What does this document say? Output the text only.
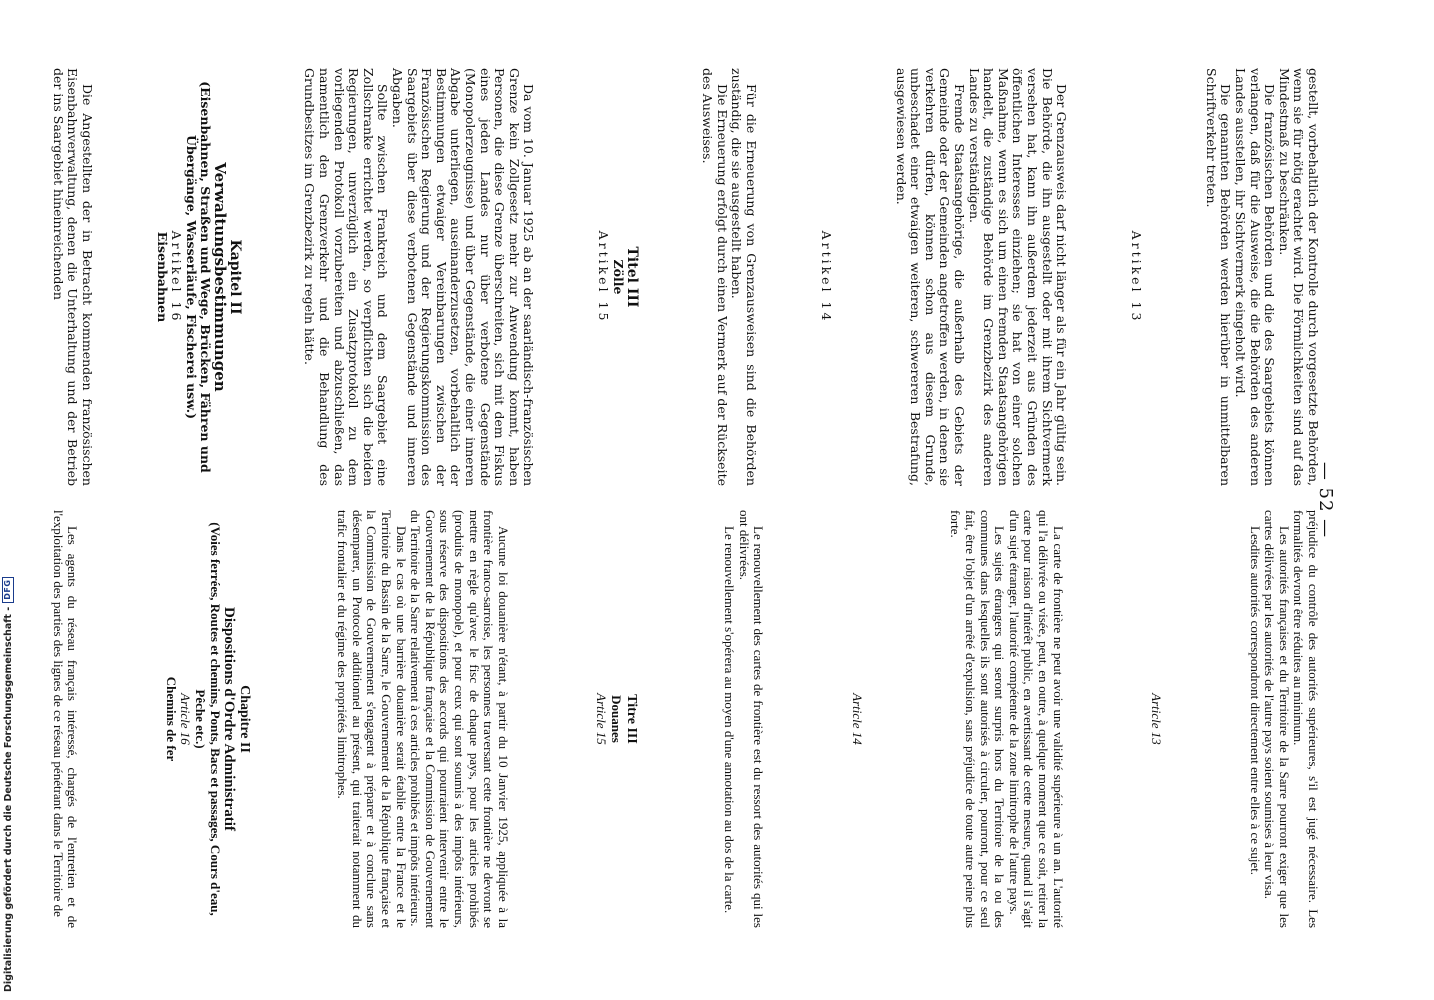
Digitalisierung gefördert durch die Deutsche Forschungsgemeinschaft -
DFG
— 52 —

gestellt, vorbehaltlich der Kontrolle durch vorgesetzte Behörden, wenn sie für nötig erachtet wird. Die Förmlichkeiten sind auf das Mindestmaß zu beschränken.

Die französischen Behörden und die des Saargebiets können verlangen, daß für die Ausweise, die die Behörden des anderen Landes ausstellen, ihr Sichtvermerk eingeholt wird.

Die genannten Behörden werden hierüber in unmittelbaren Schriftverkehr treten.

Artikel 13

Der Grenzausweis darf nicht länger als für ein Jahr gültig sein. Die Behörde, die ihn ausgestellt oder mit ihrem Sichtvermerk versehen hat, kann ihn außerdem jederzeit aus Gründen des öffentlichen Interesses einziehen; sie hat von einer solchen Maßnahme, wenn es sich um einen fremden Staatsangehörigen handelt, die zuständige Behörde im Grenzbezirk des anderen Landes zu verständigen.

Fremde Staatsangehörige, die außerhalb des Gebiets der Gemeinde oder der Gemeinden angetroffen werden, in denen sie verkehren dürfen, können schon aus diesem Grunde, unbeschadet einer etwaigen weiteren, schwereren Bestrafung, ausgewiesen werden.

Artikel 14

Für die Erneuerung von Grenzausweisen sind die Behörden zuständig, die sie ausgestellt haben.

Die Erneuerung erfolgt durch einen Vermerk auf der Rückseite des Ausweises.

Titel III

Zölle

Artikel 15

Da vom 10. Januar 1925 ab an der saarländisch-französischen Grenze kein Zollgesetz mehr zur Anwendung kommt, haben Personen, die diese Grenze überschreiten, sich mit dem Fiskus eines jeden Landes nur über verbotene Gegenstände (Monopolerzeugnisse) und über Gegenstände, die einer inneren Abgabe unterliegen, auseinanderzusetzen, vorbehaltlich der Bestimmungen etwaiger Vereinbarungen zwischen der Französischen Regierung und der Regierungskommission des Saargebiets über diese verbotenen Gegenstände und inneren Abgaben.

Sollte zwischen Frankreich und dem Saargebiet eine Zollschranke errichtet werden, so verpflichten sich die beiden Regierungen, unverzüglich ein Zusatzprotokoll zu dem vorliegenden Protokoll vorzubereiten und abzuschließen, das namentlich den Grenzverkehr und die Behandlung des Grundbesitzes im Grenzbezirk zu regeln hätte.

Kapitel II

Verwaltungsbestimmungen

(Eisenbahnen, Straßen und Wege, Brücken, Fähren und Übergänge, Wasserläufe, Fischerei usw.)

Artikel 16

Eisenbahnen

Die Angestellten der in Betracht kommenden französischen Eisenbahnverwaltung, denen die Unterhaltung und der Betrieb der ins Saargebiet hineinreichenden

préjudice du contrôle des autorités supérieures, s'il est jugé nécessaire. Les formalités devront être réduites au minimum.

Les autorités françaises et du Territoire de la Sarre pourront exiger que les cartes délivrées par les autorités de l'autre pays soient soumises à leur visa.

Lesdites autorités correspondront directement entre elles à ce sujet.

Article 13

La carte de frontière ne peut avoir une validité supérieure à un an. L'autorité qui l'a délivrée ou visée, peut, en outre, à quelque moment que ce soit, retirer la carte pour raison d'intérêt public, en avertissant de cette mesure, quand il s'agit d'un sujet étranger, l'autorité compétente de la zone limitrophe de l'autre pays.

Les sujets étrangers qui seront surpris hors du Territoire de la ou des communes dans lesquelles ils sont autorisés à circuler, pourront, pour ce seul fait, être l'objet d'un arrêté d'expulsion, sans préjudice de toute autre peine plus forte.

Article 14

Le renouvellement des cartes de frontière est du ressort des autorités qui les ont délivrées.

Le renouvellement s'opérera au moyen d'une annotation au dos de la carte.

Titre III

Douanes

Article 15

Aucune loi douanière n'étant, à partir du 10 Janvier 1925, appliquée à la frontière franco-sarroise, les personnes traversant cette frontière ne devront se mettre en règle qu'avec le fisc de chaque pays, pour les articles prohibés (produits de monopole), et pour ceux qui sont soumis à des impôts intérieurs, sous réserve des dispositions des accords qui pourraient intervenir entre le Gouvernement de la République française et la Commission de Gouvernement du Territoire de la Sarre relativement à ces articles prohibés et impôts intérieurs.

Dans le cas où une barrière douanière serait établie entre la France et le Territoire du Bassin de la Sarre, le Gouvernement de la République française et la Commission de Gouvernement s'engagent à préparer et à conclure sans désemparer, un Protocole additionnel au présent, qui traiterait notamment du trafic frontalier et du régime des propriétés limitrophes.

Chapitre II

Dispositions d'Ordre Administratif

(Voies ferrées, Routes et chemins, Ponts, Bacs et passages, Cours d'eau, Pêche etc.)

Article 16

Chemins de fer

Les agents du réseau français intéressé, chargés de l'entretien et de l'exploitation des parties des lignes de ce réseau pénétrant dans le Territoire de
